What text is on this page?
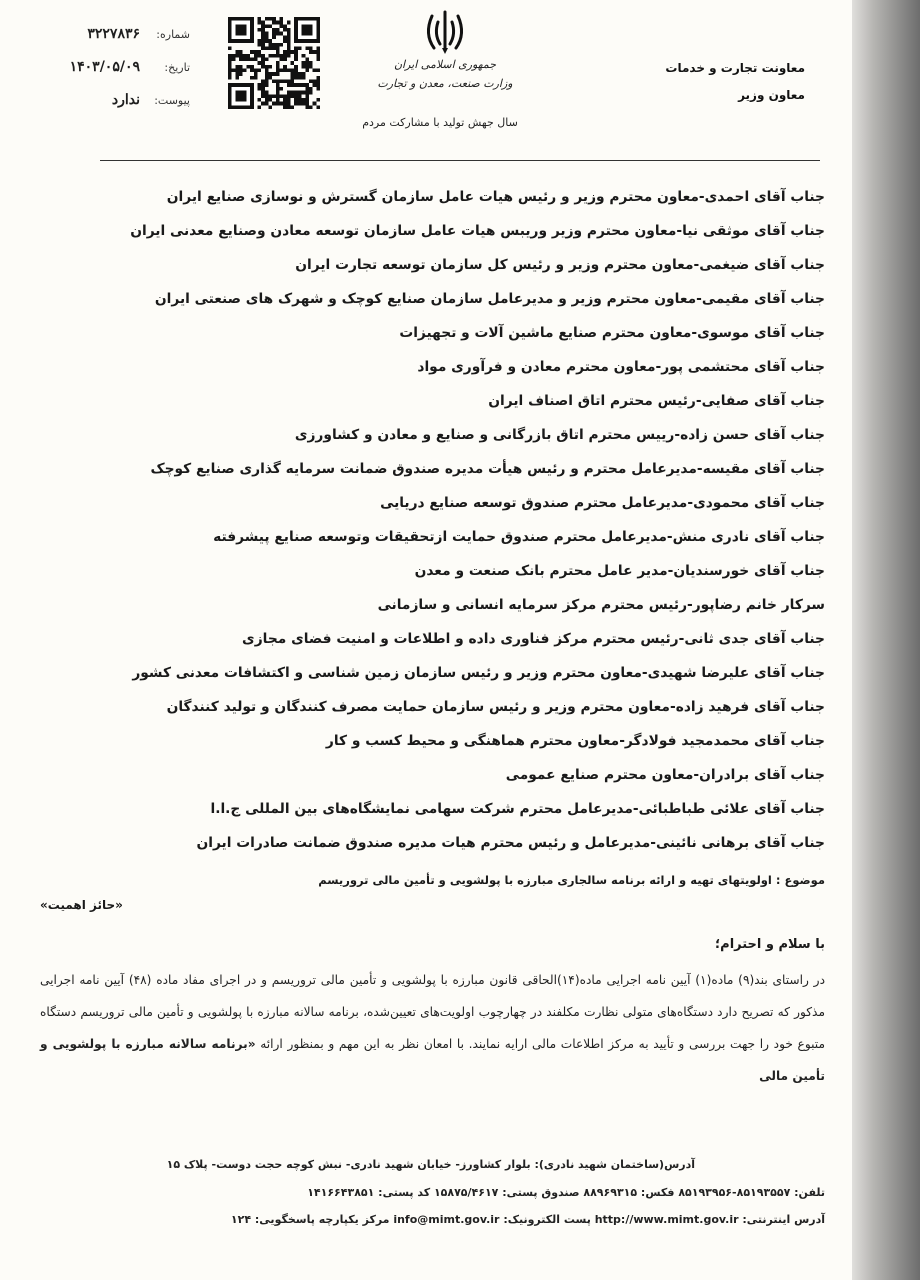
معاونت تجارت و خدمات
معاون وزیر
جمهوری اسلامی ایران
وزارت صنعت، معدن و تجارت
سال جهش تولید با مشارکت مردم
شماره:
۳۲۲۷۸۳۶
تاریخ:
۱۴۰۳/۰۵/۰۹
پیوست:
ندارد
جناب آقای احمدی-معاون محترم وزیر و رئیس هیات عامل سازمان گسترش و نوسازی صنایع ایران
جناب آقای موثقی نیا-معاون محترم وزیر وریبس هیات عامل سازمان توسعه معادن وصنایع معدنی ایران
جناب آقای ضیغمی-معاون محترم وزیر و رئیس کل سازمان توسعه تجارت ایران
جناب آقای مقیمی-معاون محترم وزیر و مدیرعامل سازمان صنایع کوچک و شهرک های صنعتی ایران
جناب آقای موسوی-معاون محترم صنایع ماشین آلات و تجهیزات
جناب آقای محتشمی پور-معاون محترم معادن و فرآوری مواد
جناب آقای صفایی-رئیس محترم اتاق اصناف ایران
جناب آقای حسن زاده-رییس محترم اتاق بازرگانی و صنایع و معادن و کشاورزی
جناب آقای مقیسه-مدیرعامل محترم و رئیس هیأت مدیره صندوق ضمانت سرمایه گذاری صنایع کوچک
جناب آقای محمودی-مدیرعامل محترم صندوق توسعه صنایع دریایی
جناب آقای نادری منش-مدیرعامل محترم صندوق حمایت ازتحقیقات وتوسعه صنایع پیشرفته
جناب آقای خورسندیان-مدیر عامل محترم بانک صنعت و معدن
سرکار خانم رضاپور-رئیس محترم مرکز سرمایه انسانی و سازمانی
جناب آقای جدی ثانی-رئیس محترم مرکز فناوری داده و اطلاعات و امنیت فضای مجازی
جناب آقای علیرضا شهیدی-معاون محترم وزیر و رئیس سازمان زمین شناسی و اکتشافات معدنی کشور
جناب آقای فرهید زاده-معاون محترم وزیر و رئیس سازمان حمایت مصرف کنندگان و تولید کنندگان
جناب آقای محمدمجید فولادگر-معاون محترم هماهنگی و محیط کسب و کار
جناب آقای برادران-معاون محترم صنایع عمومی
جناب آقای علائی طباطبائی-مدیرعامل محترم شرکت سهامی نمایشگاه‌های بین المللی ج.ا.ا
جناب آقای برهانی نائینی-مدیرعامل و رئیس محترم هیات مدیره صندوق ضمانت صادرات ایران
موضوع : اولویتهای تهیه و ارائه برنامه سالجاری مبارزه با پولشویی و تأمین مالی تروریسم
«حائز اهمیت»
با سلام و احترام؛
در راستای بند(۹) ماده(۱) آیین نامه اجرایی ماده(۱۴)الحاقی قانون مبارزه با پولشویی و تأمین مالی تروریسم و در اجرای مفاد ماده (۴۸) آیین نامه اجرایی مذکور که تصریح دارد دستگاه‌های متولی نظارت مکلفند در چهارچوب اولویت‌های تعیین‌شده، برنامه سالانه مبارزه با پولشویی و تأمین مالی تروریسم دستگاه متبوع خود را جهت بررسی و تأیید به مرکز اطلاعات مالی ارایه نمایند. با امعان نظر به این مهم و بمنظور ارائه «برنامه سالانه مبارزه با پولشویی و تأمین مالی
آدرس(ساختمان شهید نادری): بلوار کشاورز- خیابان شهید نادری- نبش کوچه حجت دوست- پلاک ۱۵
تلفن: ۸۵۱۹۳۵۵۷-۸۵۱۹۳۹۵۶ فکس: ۸۸۹۶۹۳۱۵ صندوق پستی: ۱۵۸۷۵/۴۶۱۷ کد پستی: ۱۴۱۶۶۴۳۸۵۱
آدرس اینترنتی: http://www.mimt.gov.ir پست الکترونیک: info@mimt.gov.ir مرکز یکپارچه پاسخگویی: ۱۲۴
